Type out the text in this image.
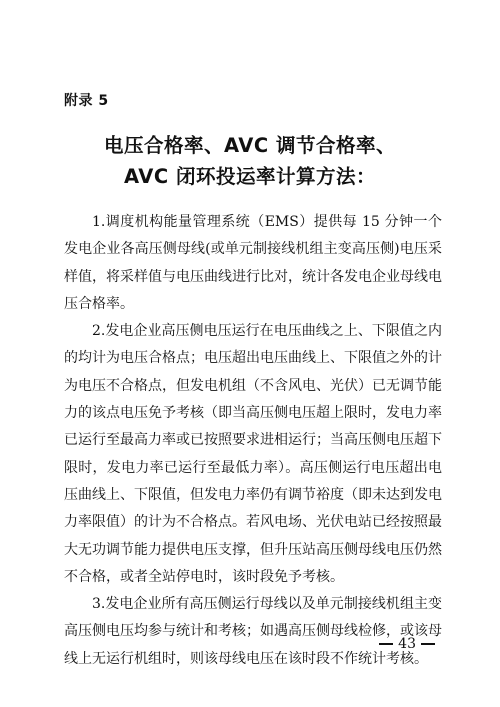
附录 5
电压合格率、AVC 调节合格率、
AVC 闭环投运率计算方法：

1.调度机构能量管理系统（EMS）提供每 15 分钟一个发电企业各高压侧母线(或单元制接线机组主变高压侧)电压采样值，将采样值与电压曲线进行比对，统计各发电企业母线电压合格率。

2.发电企业高压侧电压运行在电压曲线之上、下限值之内的均计为电压合格点；电压超出电压曲线上、下限值之外的计为电压不合格点，但发电机组（不含风电、光伏）已无调节能力的该点电压免予考核（即当高压侧电压超上限时，发电力率已运行至最高力率或已按照要求进相运行；当高压侧电压超下限时，发电力率已运行至最低力率）。高压侧运行电压超出电压曲线上、下限值，但发电力率仍有调节裕度（即未达到发电力率限值）的计为不合格点。若风电场、光伏电站已经按照最大无功调节能力提供电压支撑，但升压站高压侧母线电压仍然不合格，或者全站停电时，该时段免予考核。

3.发电企业所有高压侧运行母线以及单元制接线机组主变高压侧电压均参与统计和考核；如遇高压侧母线检修，或该母线上无运行机组时，则该母线电压在该时段不作统计考核。

43
